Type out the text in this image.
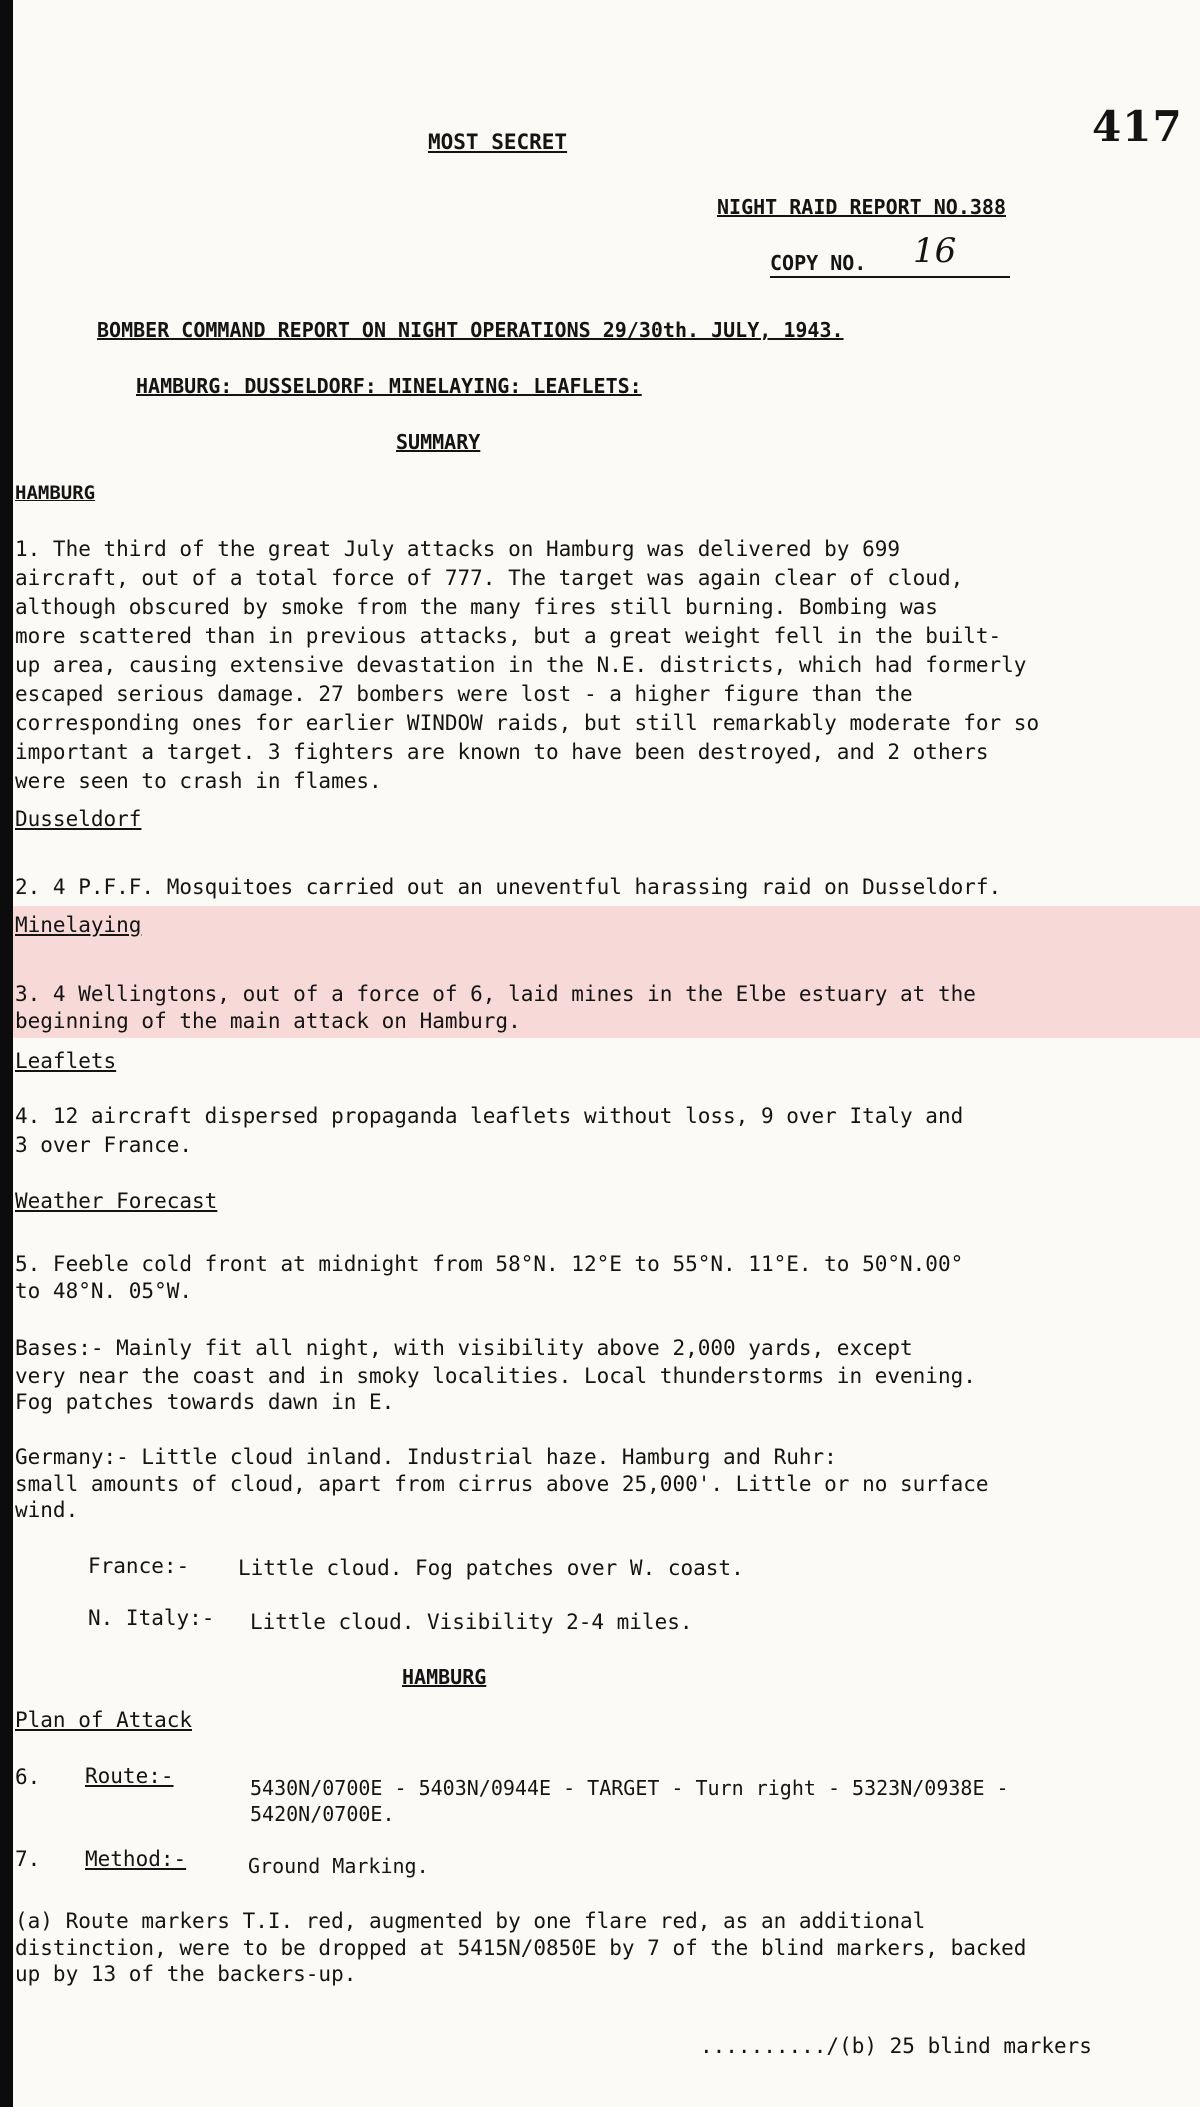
417
MOST SECRET
NIGHT RAID REPORT NO.388
COPY NO.	16
BOMBER COMMAND REPORT ON NIGHT OPERATIONS 29/30th. JULY, 1943.
HAMBURG: DUSSELDORF: MINELAYING: LEAFLETS:
SUMMARY
HAMBURG
1. The third of the great July attacks on Hamburg was delivered by 699
aircraft, out of a total force of 777. The target was again clear of cloud,
although obscured by smoke from the many fires still burning. Bombing was
more scattered than in previous attacks, but a great weight fell in the built-
up area, causing extensive devastation in the N.E. districts, which had formerly
escaped serious damage. 27 bombers were lost - a higher figure than the
corresponding ones for earlier WINDOW raids, but still remarkably moderate for so
important a target. 3 fighters are known to have been destroyed, and 2 others
were seen to crash in flames.
Dusseldorf
2. 4 P.F.F. Mosquitoes carried out an uneventful harassing raid on Dusseldorf.
Minelaying
3. 4 Wellingtons, out of a force of 6, laid mines in the Elbe estuary at the
beginning of the main attack on Hamburg.
Leaflets
4. 12 aircraft dispersed propaganda leaflets without loss, 9 over Italy and
3 over France.
Weather Forecast
5. Feeble cold front at midnight from 58°N. 12°E to 55°N. 11°E. to 50°N.00°
to 48°N. 05°W.
Bases:- Mainly fit all night, with visibility above 2,000 yards, except
very near the coast and in smoky localities. Local thunderstorms in evening.
Fog patches towards dawn in E.
Germany:- Little cloud inland. Industrial haze. Hamburg and Ruhr:
small amounts of cloud, apart from cirrus above 25,000'. Little or no surface
wind.
France:- Little cloud. Fog patches over W. coast.
N. Italy:- Little cloud. Visibility 2-4 miles.
HAMBURG
Plan of Attack
6. Route:-	5430N/0700E - 5403N/0944E - TARGET - Turn right - 5323N/0938E -
5420N/0700E.
7. Method:-	Ground Marking.
(a) Route markers T.I. red, augmented by one flare red, as an additional
distinction, were to be dropped at 5415N/0850E by 7 of the blind markers, backed
up by 13 of the backers-up.
........../(b) 25 blind markers
